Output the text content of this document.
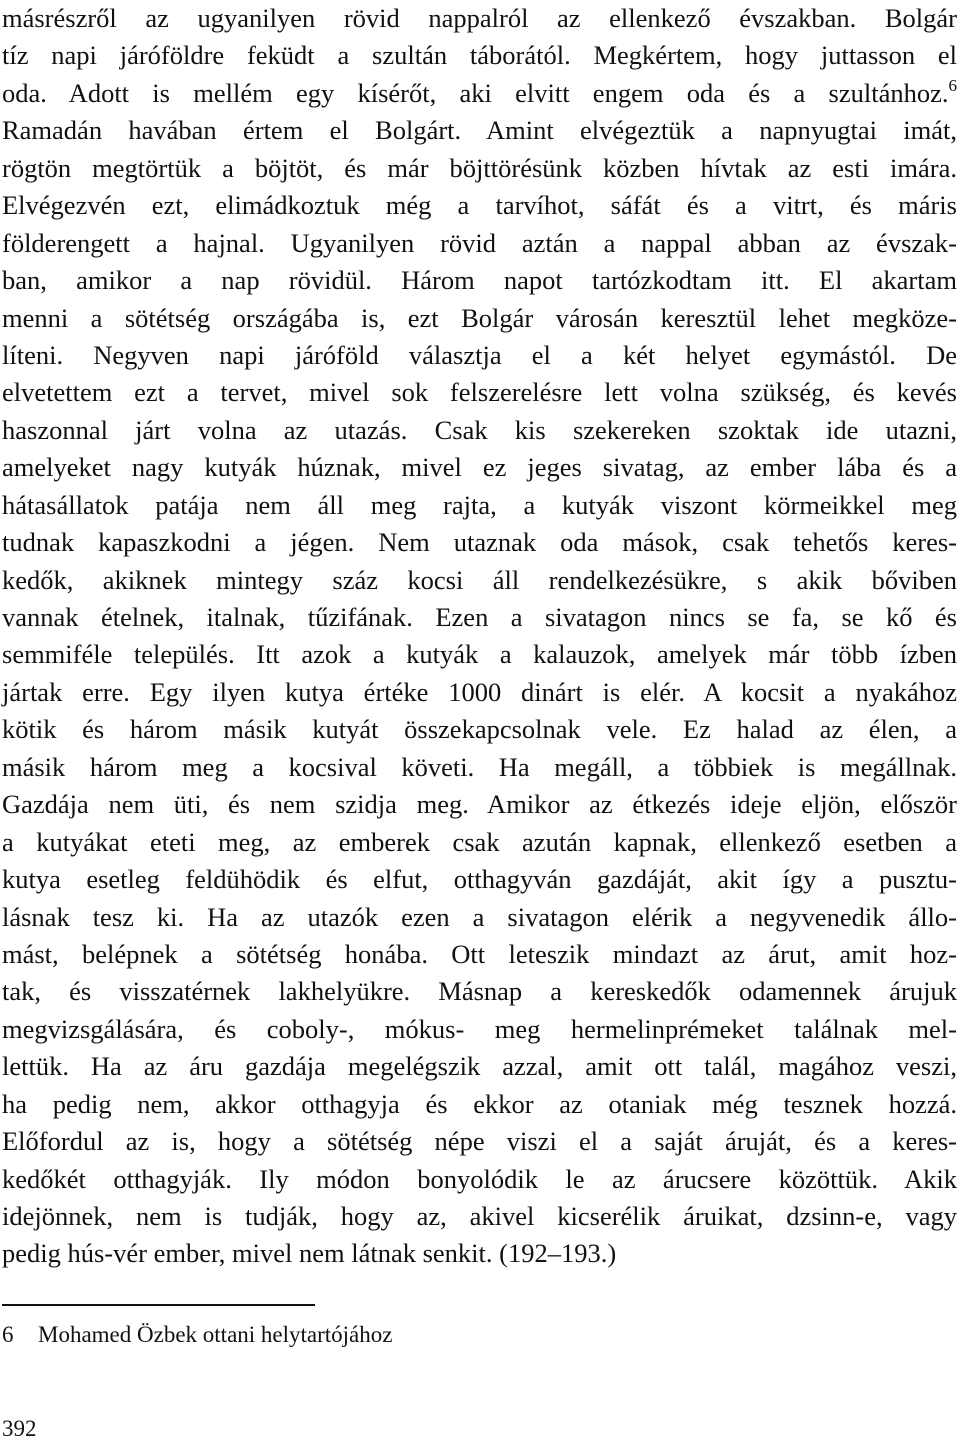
másrészről az ugyanilyen rövid nappalról az ellenkező évszakban. Bolgár
tíz napi járóföldre feküdt a szultán táborától. Megkértem, hogy juttasson el
oda. Adott is mellém egy kísérőt, aki elvitt engem oda és a szultánhoz.$^6$
Ramadán havában értem el Bolgárt. Amint elvégeztük a napnyugtai imát,
rögtön megtörtük a böjtöt, és már böjttörésünk közben hívtak az esti imára.
Elvégezvén ezt, elimádkoztuk még a tarvíhot, sáfát és a vitrt, és máris
földerengett a hajnal. Ugyanilyen rövid aztán a nappal abban az évszak-
ban, amikor a nap rövidül. Három napot tartózkodtam itt. El akartam
menni a sötétség országába is, ezt Bolgár városán keresztül lehet megköze-
líteni. Negyven napi járóföld választja el a két helyet egymástól. De
elvetettem ezt a tervet, mivel sok felszerelésre lett volna szükség, és kevés
haszonnal járt volna az utazás. Csak kis szekereken szoktak ide utazni,
amelyeket nagy kutyák húznak, mivel ez jeges sivatag, az ember lába és a
hátasállatok patája nem áll meg rajta, a kutyák viszont körmeikkel meg
tudnak kapaszkodni a jégen. Nem utaznak oda mások, csak tehetős keres-
kedők, akiknek mintegy száz kocsi áll rendelkezésükre, s akik bőviben
vannak ételnek, italnak, tűzifának. Ezen a sivatagon nincs se fa, se kő és
semmiféle település. Itt azok a kutyák a kalauzok, amelyek már több ízben
jártak erre. Egy ilyen kutya értéke 1000 dinárt is elér. A kocsit a nyakához
kötik és három másik kutyát összekapcsolnak vele. Ez halad az élen, a
másik három meg a kocsival követi. Ha megáll, a többiek is megállnak.
Gazdája nem üti, és nem szidja meg. Amikor az étkezés ideje eljön, először
a kutyákat eteti meg, az emberek csak azután kapnak, ellenkező esetben a
kutya esetleg feldühödik és elfut, otthagyván gazdáját, akit így a pusztu-
lásnak tesz ki. Ha az utazók ezen a sivatagon elérik a negyvenedik állo-
mást, belépnek a sötétség honába. Ott leteszik mindazt az árut, amit hoz-
tak, és visszatérnek lakhelyükre. Másnap a kereskedők odamennek árujuk
megvizsgálására, és coboly-, mókus- meg hermelinprémeket találnak mel-
lettük. Ha az áru gazdája megelégszik azzal, amit ott talál, magához veszi,
ha pedig nem, akkor otthagyja és ekkor az otaniak még tesznek hozzá.
Előfordul az is, hogy a sötétség népe viszi el a saját áruját, és a keres-
kedőkét otthagyják. Ily módon bonyolódik le az árucsere közöttük. Akik
idejönnek, nem is tudják, hogy az, akivel kicserélik áruikat, dzsinn-e, vagy
pedig hús-vér ember, mivel nem látnak senkit. (192–193.)
6 Mohamed Özbek ottani helytartójához
392
